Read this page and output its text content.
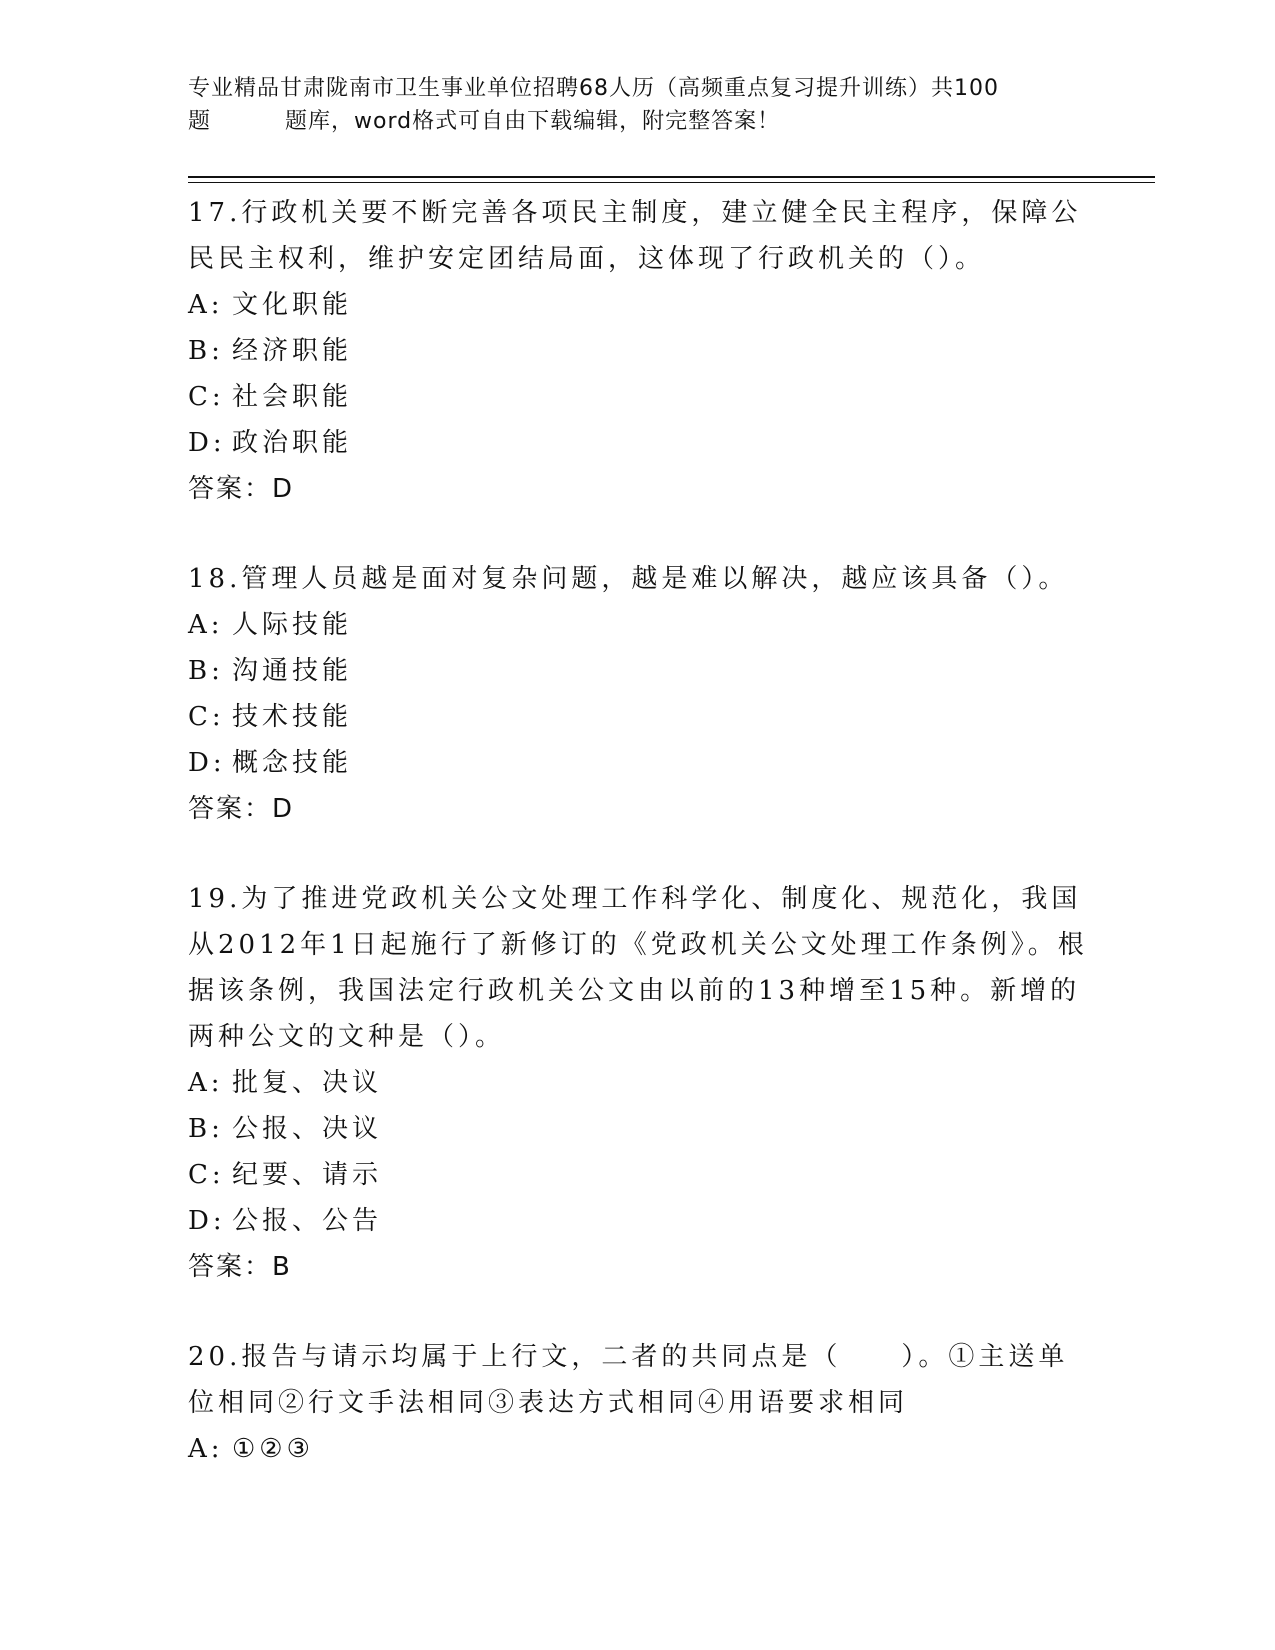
专业精品甘肃陇南市卫生事业单位招聘68人历（高频重点复习提升训练）共100
题	题库，word格式可自由下载编辑，附完整答案！

17.行政机关要不断完善各项民主制度，建立健全民主程序，保障公民民主权利，维护安定团结局面，这体现了行政机关的（）。

A: 文化职能
B: 经济职能
C: 社会职能
D: 政治职能
答案：D

18.管理人员越是面对复杂问题，越是难以解决，越应该具备（）。

A: 人际技能
B: 沟通技能
C: 技术技能
D: 概念技能
答案：D

19.为了推进党政机关公文处理工作科学化、制度化、规范化，我国从2012年1日起施行了新修订的《党政机关公文处理工作条例》。根据该条例，我国法定行政机关公文由以前的13种增至15种。新增的两种公文的文种是（）。

A: 批复、决议
B: 公报、决议
C: 纪要、请示
D: 公报、公告
答案：B

20.报告与请示均属于上行文，二者的共同点是（　　）。①主送单位相同②行文手法相同③表达方式相同④用语要求相同

A: ①②③
